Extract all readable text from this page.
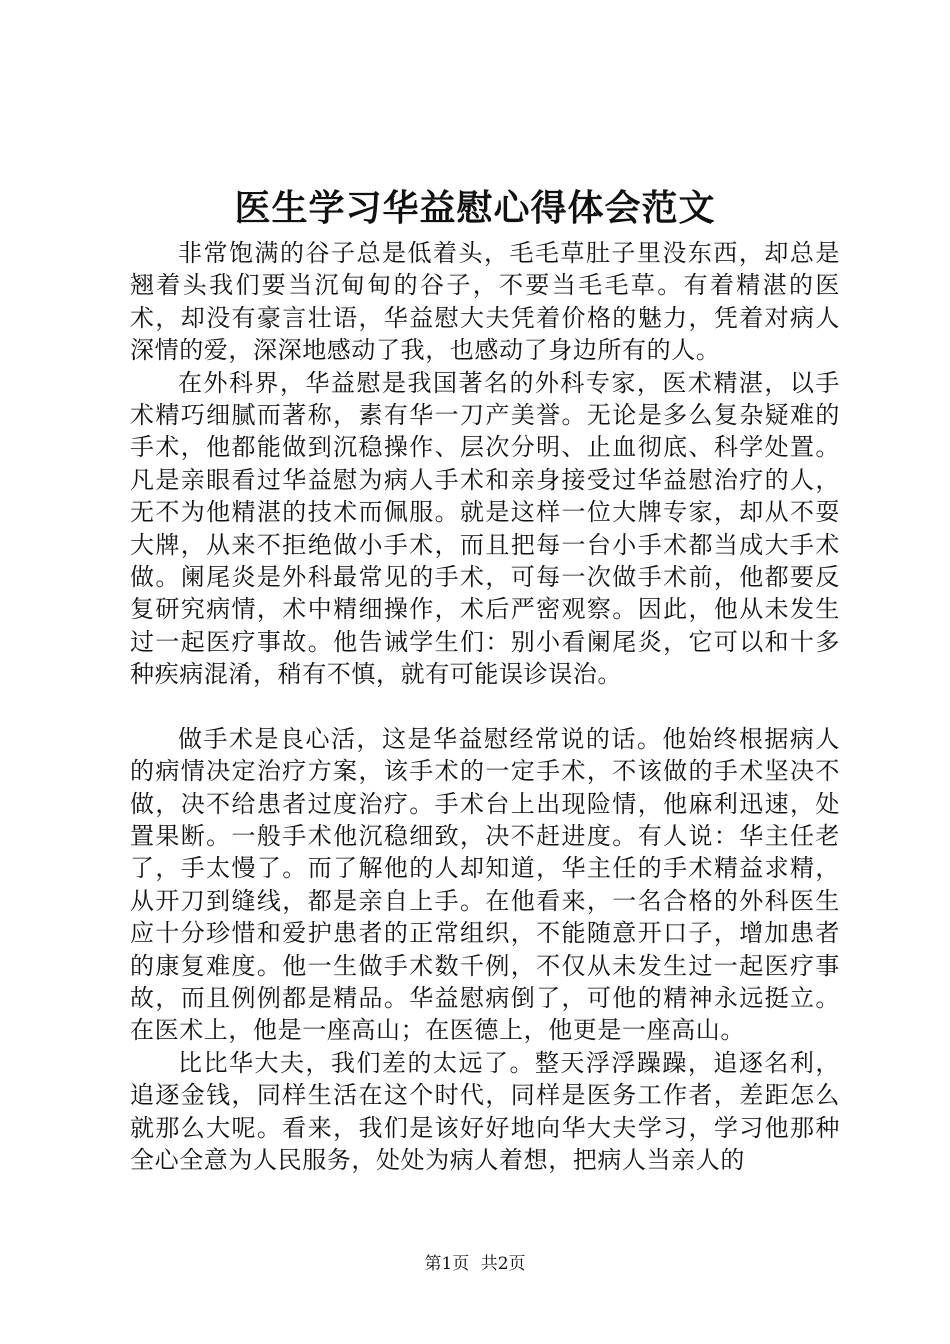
医生学习华益慰心得体会范文

非常饱满的谷子总是低着头，毛毛草肚子里没东西，却总是翘着头我们要当沉甸甸的谷子，不要当毛毛草。有着精湛的医术，却没有豪言壮语，华益慰大夫凭着价格的魅力，凭着对病人深情的爱，深深地感动了我，也感动了身边所有的人。

在外科界，华益慰是我国著名的外科专家，医术精湛，以手术精巧细腻而著称，素有华一刀产美誉。无论是多么复杂疑难的手术，他都能做到沉稳操作、层次分明、止血彻底、科学处置。凡是亲眼看过华益慰为病人手术和亲身接受过华益慰治疗的人，无不为他精湛的技术而佩服。就是这样一位大牌专家，却从不耍大牌，从来不拒绝做小手术，而且把每一台小手术都当成大手术做。阑尾炎是外科最常见的手术，可每一次做手术前，他都要反复研究病情，术中精细操作，术后严密观察。因此，他从未发生过一起医疗事故。他告诫学生们：别小看阑尾炎，它可以和十多种疾病混淆，稍有不慎，就有可能误诊误治。

做手术是良心活，这是华益慰经常说的话。他始终根据病人的病情决定治疗方案，该手术的一定手术，不该做的手术坚决不做，决不给患者过度治疗。手术台上出现险情，他麻利迅速，处置果断。一般手术他沉稳细致，决不赶进度。有人说：华主任老了，手太慢了。而了解他的人却知道，华主任的手术精益求精，从开刀到缝线，都是亲自上手。在他看来，一名合格的外科医生应十分珍惜和爱护患者的正常组织，不能随意开口子，增加患者的康复难度。他一生做手术数千例，不仅从未发生过一起医疗事故，而且例例都是精品。华益慰病倒了，可他的精神永远挺立。在医术上，他是一座高山；在医德上，他更是一座高山。

比比华大夫，我们差的太远了。整天浮浮躁躁，追逐名利，追逐金钱，同样生活在这个时代，同样是医务工作者，差距怎么就那么大呢。看来，我们是该好好地向华大夫学习，学习他那种全心全意为人民服务，处处为病人着想，把病人当亲人的

第1页 共2页
